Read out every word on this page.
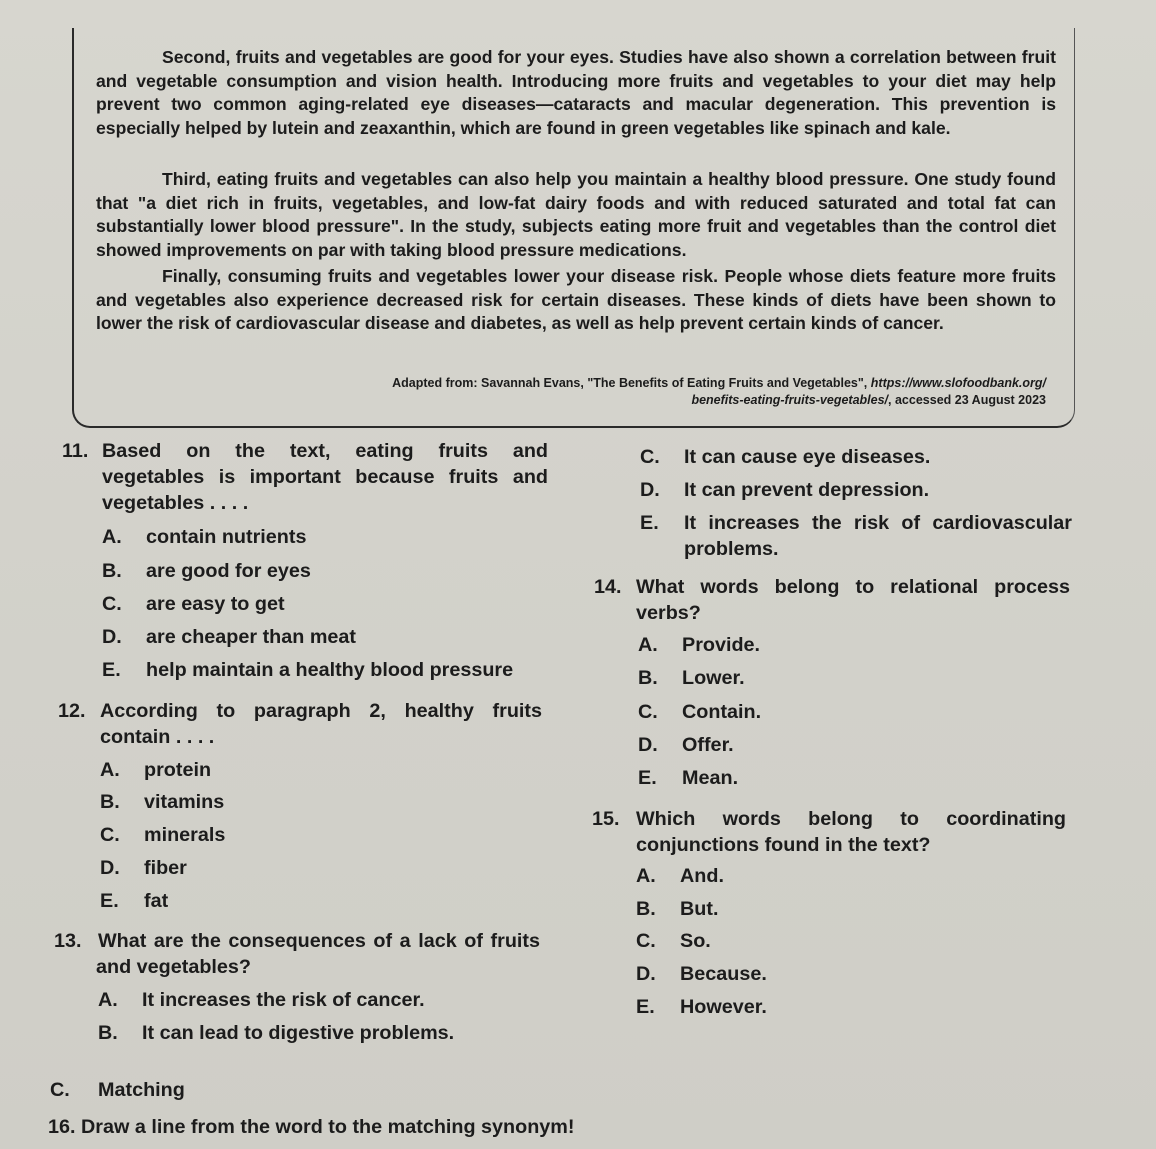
Second, fruits and vegetables are good for your eyes. Studies have also shown a correlation between fruit and vegetable consumption and vision health. Introducing more fruits and vegetables to your diet may help prevent two common aging-related eye diseases—cataracts and macular degeneration. This prevention is especially helped by lutein and zeaxanthin, which are found in green vegetables like spinach and kale.

Third, eating fruits and vegetables can also help you maintain a healthy blood pressure. One study found that "a diet rich in fruits, vegetables, and low-fat dairy foods and with reduced saturated and total fat can substantially lower blood pressure". In the study, subjects eating more fruit and vegetables than the control diet showed improvements on par with taking blood pressure medications.

Finally, consuming fruits and vegetables lower your disease risk. People whose diets feature more fruits and vegetables also experience decreased risk for certain diseases. These kinds of diets have been shown to lower the risk of cardiovascular disease and diabetes, as well as help prevent certain kinds of cancer.

Adapted from: Savannah Evans, "The Benefits of Eating Fruits and Vegetables", https://www.slofoodbank.org/
benefits-eating-fruits-vegetables/, accessed 23 August 2023
11. Based on the text, eating fruits and
vegetables is important because fruits and
vegetables . . . .
A. contain nutrients
B. are good for eyes
C. are easy to get
D. are cheaper than meat
E. help maintain a healthy blood pressure
12. According to paragraph 2, healthy fruits
contain . . . .
A. protein
B. vitamins
C. minerals
D. fiber
E. fat
13. What are the consequences of a lack of fruits
and vegetables?
A. It increases the risk of cancer.
B. It can lead to digestive problems.
C. It can cause eye diseases.
D. It can prevent depression.
E.	It increases the risk of cardiovascular
problems.
14. What words belong to relational process
verbs?
A. Provide.
B. Lower.
C. Contain.
D. Offer.
E. Mean.
15. Which words belong to coordinating
conjunctions found in the text?
A. And.
B. But.
C. So.
D. Because.
E. However.
C. Matching
16. Draw a line from the word to the matching synonym!
